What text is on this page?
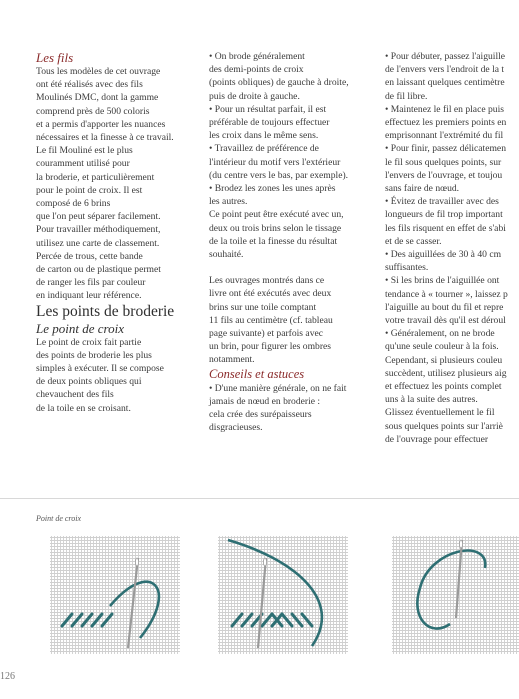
Les fils

Tous les modèles de cet ouvrage

ont été réalisés avec des fils

Moulinés DMC, dont la gamme

comprend près de 500 coloris

et a permis d'apporter les nuances

nécessaires et la finesse à ce travail.

Le fil Mouliné est le plus

couramment utilisé pour

la broderie, et particulièrement

pour le point de croix. Il est

composé de 6 brins

que l'on peut séparer facilement.

Pour travailler méthodiquement,

utilisez une carte de classement.

Percée de trous, cette bande

de carton ou de plastique permet

de ranger les fils par couleur

en indiquant leur référence.

Les points de broderie

Le point de croix

Le point de croix fait partie

des points de broderie les plus

simples à exécuter. Il se compose

de deux points obliques qui

chevauchent des fils

de la toile en se croisant.

• On brode généralement

des demi-points de croix

(points obliques) de gauche à droite,

puis de droite à gauche.

• Pour un résultat parfait, il est

préférable de toujours effectuer

les croix dans le même sens.

• Travaillez de préférence de

l'intérieur du motif vers l'extérieur

(du centre vers le bas, par exemple).

• Brodez les zones les unes après

les autres.

Ce point peut être exécuté avec un,

deux ou trois brins selon le tissage

de la toile et la finesse du résultat

souhaité.

Les ouvrages montrés dans ce

livre ont été exécutés avec deux

brins sur une toile comptant

11 fils au centimètre (cf. tableau

page suivante) et parfois avec

un brin, pour figurer les ombres

notamment.

Conseils et astuces

• D'une manière générale, on ne fait

jamais de nœud en broderie :

cela crée des surépaisseurs

disgracieuses.

• Pour débuter, passez l'aiguille

de l'envers vers l'endroit de la t

en laissant quelques centimètre

de fil libre.

• Maintenez le fil en place puis

effectuez les premiers points en

emprisonnant l'extrémité du fil

• Pour finir, passez délicatemen

le fil sous quelques points, sur

l'envers de l'ouvrage, et toujou

sans faire de nœud.

• Évitez de travailler avec des

longueurs de fil trop important

les fils risquent en effet de s'abi

et de se casser.

• Des aiguillées de 30 à 40 cm

suffisantes.

• Si les brins de l'aiguillée ont

tendance à « tourner », laissez p

l'aiguille au bout du fil et repre

votre travail dès qu'il est déroul

• Généralement, on ne brode

qu'une seule couleur à la fois.

Cependant, si plusieurs couleu

succèdent, utilisez plusieurs aig

et effectuez les points complet

uns à la suite des autres.

Glissez éventuellement le fil

sous quelques points sur l'arriè

de l'ouvrage pour effectuer

Point de croix
126
